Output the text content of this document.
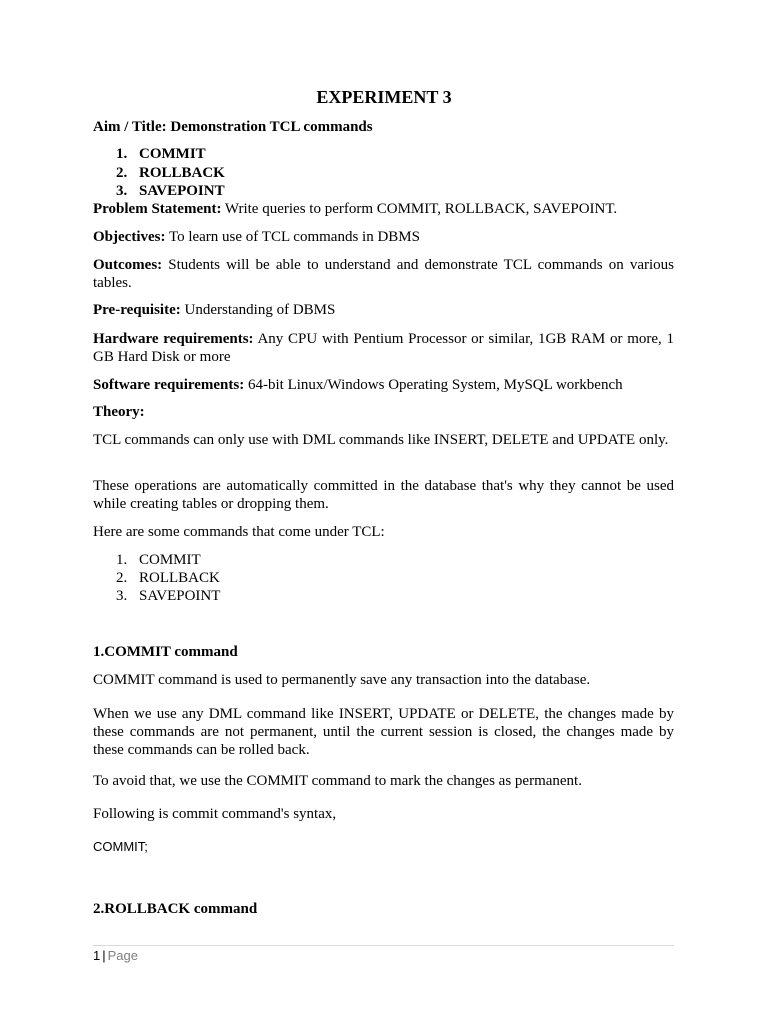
EXPERIMENT 3
Aim / Title: Demonstration TCL commands
1. COMMIT
2. ROLLBACK
3. SAVEPOINT
Problem Statement: Write queries to perform COMMIT, ROLLBACK, SAVEPOINT.
Objectives: To learn use of TCL commands in DBMS
Outcomes: Students will be able to understand and demonstrate TCL commands on various tables.
Pre-requisite: Understanding of DBMS
Hardware requirements: Any CPU with Pentium Processor or similar, 1GB RAM or more, 1 GB Hard Disk or more
Software requirements: 64-bit Linux/Windows Operating System, MySQL workbench
Theory:
TCL commands can only use with DML commands like INSERT, DELETE and UPDATE only.
These operations are automatically committed in the database that's why they cannot be used while creating tables or dropping them.
Here are some commands that come under TCL:
1. COMMIT
2. ROLLBACK
3. SAVEPOINT
1.COMMIT command
COMMIT command is used to permanently save any transaction into the database.
When we use any DML command like INSERT, UPDATE or DELETE, the changes made by these commands are not permanent, until the current session is closed, the changes made by these commands can be rolled back.
To avoid that, we use the COMMIT command to mark the changes as permanent.
Following is commit command's syntax,
COMMIT;
2.ROLLBACK command
1 | Page
